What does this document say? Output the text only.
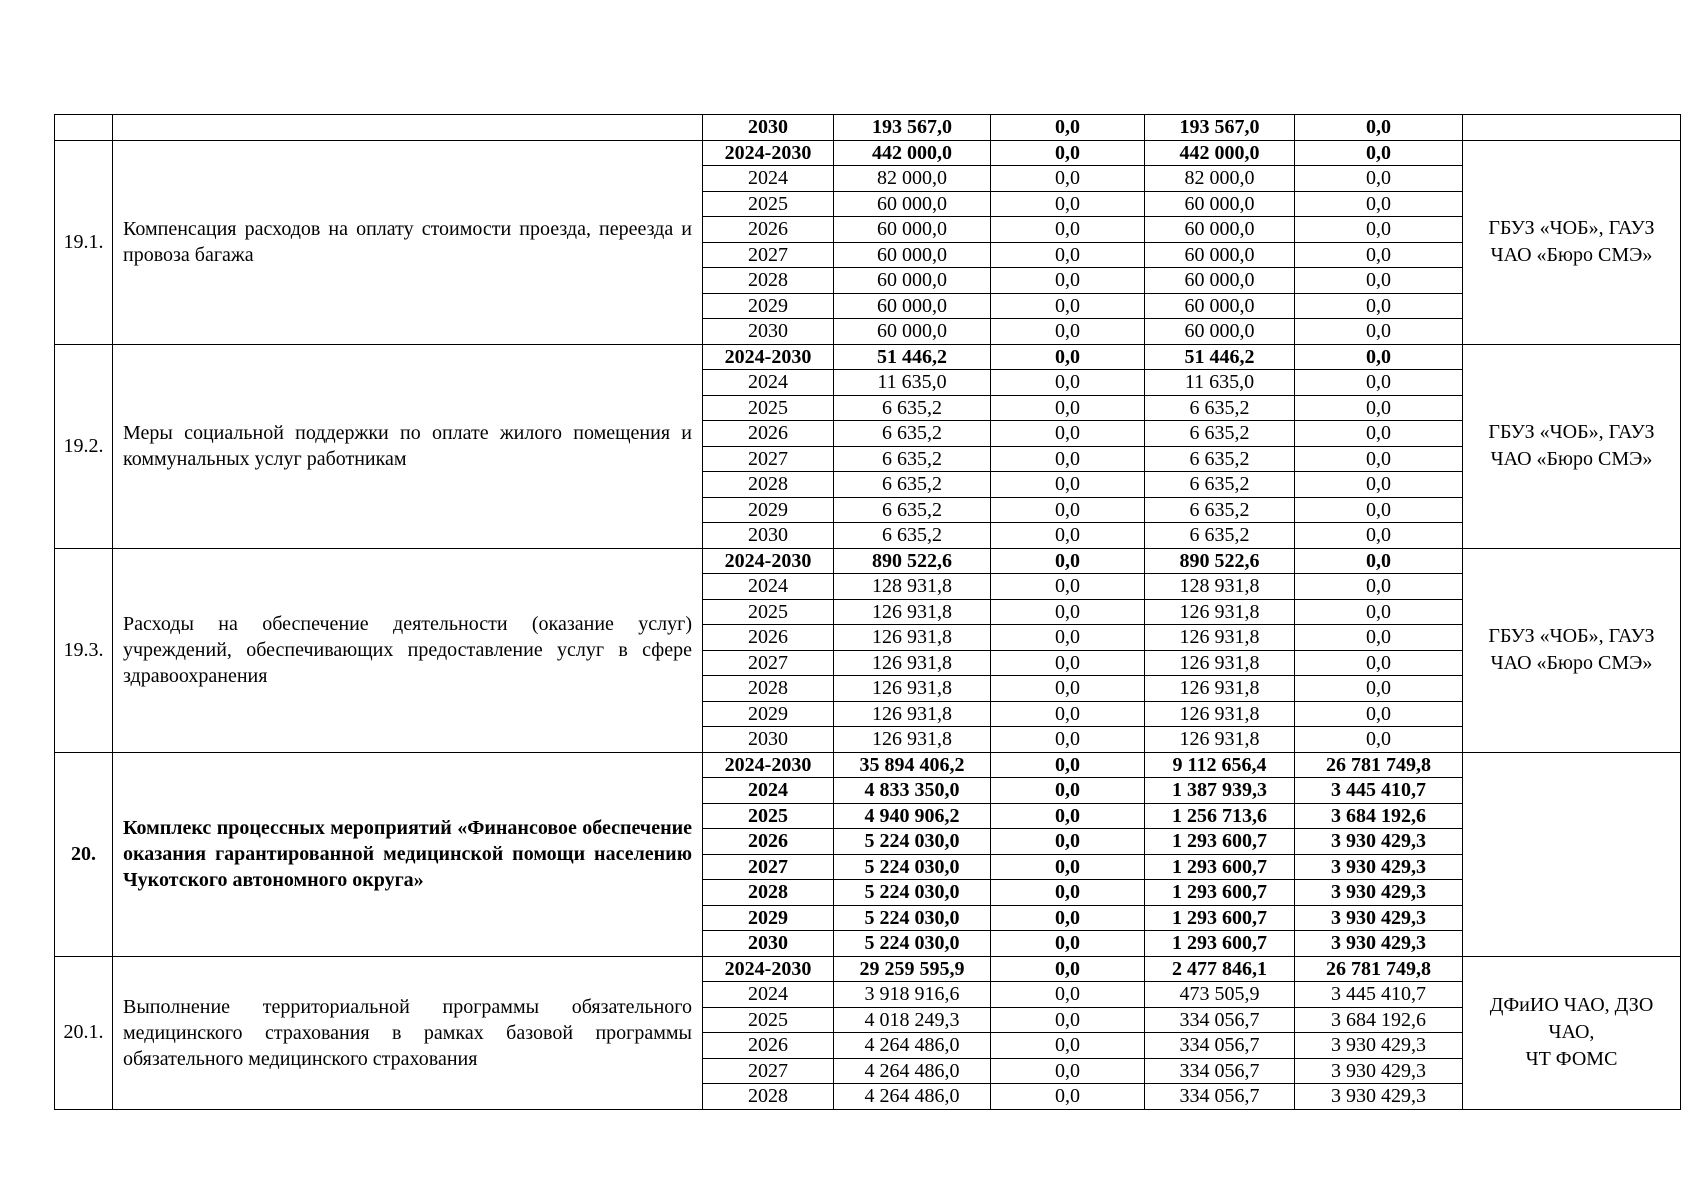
		2030	193 567,0	0,0	193 567,0	0,0	
19.1.	Компенсация расходов на оплату стоимости проезда, переезда и провоза багажа	2024-2030	442 000,0	0,0	442 000,0	0,0	ГБУЗ «ЧОБ», ГАУЗ ЧАО «Бюро СМЭ»
		2024	82 000,0	0,0	82 000,0	0,0	
		2025	60 000,0	0,0	60 000,0	0,0	
		2026	60 000,0	0,0	60 000,0	0,0	
		2027	60 000,0	0,0	60 000,0	0,0	
		2028	60 000,0	0,0	60 000,0	0,0	
		2029	60 000,0	0,0	60 000,0	0,0	
		2030	60 000,0	0,0	60 000,0	0,0	
19.2.	Меры социальной поддержки по оплате жилого помещения и коммунальных услуг работникам	2024-2030	51 446,2	0,0	51 446,2	0,0	ГБУЗ «ЧОБ», ГАУЗ ЧАО «Бюро СМЭ»
		2024	11 635,0	0,0	11 635,0	0,0	
		2025	6 635,2	0,0	6 635,2	0,0	
		2026	6 635,2	0,0	6 635,2	0,0	
		2027	6 635,2	0,0	6 635,2	0,0	
		2028	6 635,2	0,0	6 635,2	0,0	
		2029	6 635,2	0,0	6 635,2	0,0	
		2030	6 635,2	0,0	6 635,2	0,0	
19.3.	Расходы на обеспечение деятельности (оказание услуг) учреждений, обеспечивающих предоставление услуг в сфере здравоохранения	2024-2030	890 522,6	0,0	890 522,6	0,0	ГБУЗ «ЧОБ», ГАУЗ ЧАО «Бюро СМЭ»
		2024	128 931,8	0,0	128 931,8	0,0	
		2025	126 931,8	0,0	126 931,8	0,0	
		2026	126 931,8	0,0	126 931,8	0,0	
		2027	126 931,8	0,0	126 931,8	0,0	
		2028	126 931,8	0,0	126 931,8	0,0	
		2029	126 931,8	0,0	126 931,8	0,0	
		2030	126 931,8	0,0	126 931,8	0,0	
20.	Комплекс процессных мероприятий «Финансовое обеспечение оказания гарантированной медицинской помощи населению Чукотского автономного округа»	2024-2030	35 894 406,2	0,0	9 112 656,4	26 781 749,8	
		2024	4 833 350,0	0,0	1 387 939,3	3 445 410,7	
		2025	4 940 906,2	0,0	1 256 713,6	3 684 192,6	
		2026	5 224 030,0	0,0	1 293 600,7	3 930 429,3	
		2027	5 224 030,0	0,0	1 293 600,7	3 930 429,3	
		2028	5 224 030,0	0,0	1 293 600,7	3 930 429,3	
		2029	5 224 030,0	0,0	1 293 600,7	3 930 429,3	
		2030	5 224 030,0	0,0	1 293 600,7	3 930 429,3	
20.1.	Выполнение территориальной программы обязательного медицинского страхования в рамках базовой программы обязательного медицинского страхования	2024-2030	29 259 595,9	0,0	2 477 846,1	26 781 749,8	ДФиИО ЧАО, ДЗО ЧАО,
ЧТ ФОМС
		2024	3 918 916,6	0,0	473 505,9	3 445 410,7	
		2025	4 018 249,3	0,0	334 056,7	3 684 192,6	
		2026	4 264 486,0	0,0	334 056,7	3 930 429,3	
		2027	4 264 486,0	0,0	334 056,7	3 930 429,3	
		2028	4 264 486,0	0,0	334 056,7	3 930 429,3	
